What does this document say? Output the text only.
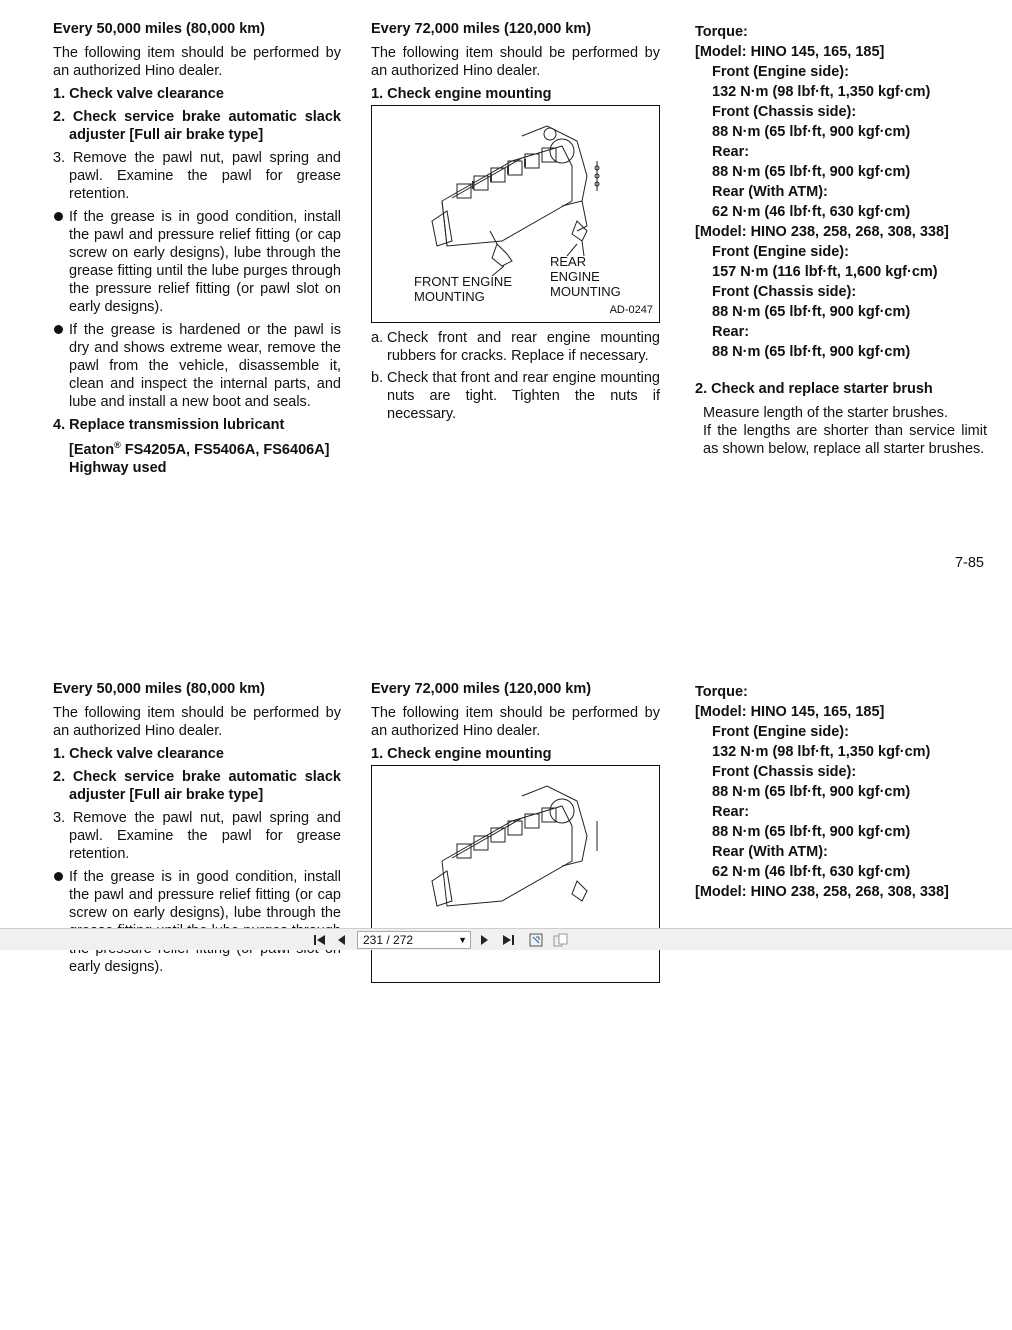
Every 50,000 miles (80,000 km)

The following item should be performed by an authorized Hino dealer.

1. Check valve clearance
2. Check service brake automatic slack adjuster [Full air brake type]
3. Remove the pawl nut, pawl spring and pawl. Examine the pawl for grease retention.
If the grease is in good condition, install the pawl and pressure relief fitting (or cap screw on early designs), lube through the grease fitting until the lube purges through the pressure relief fitting (or pawl slot on early designs).
If the grease is hardened or the pawl is dry and shows extreme wear, remove the pawl from the vehicle, disassemble it, clean and inspect the internal parts, and lube and install a new boot and seals.
4. Replace transmission lubricant
[Eaton® FS4205A, FS5406A, FS6406A]
Highway used
Every 72,000 miles (120,000 km)

The following item should be performed by an authorized Hino dealer.

1. Check engine mounting
FRONT ENGINE
MOUNTING
REAR
ENGINE
MOUNTING
AD-0247
a. Check front and rear engine mounting rubbers for cracks. Replace if necessary.
b. Check that front and rear engine mounting nuts are tight. Tighten the nuts if necessary.
Torque:
[Model: HINO 145, 165, 185]
Front (Engine side):
132 N·m (98 lbf·ft, 1,350 kgf·cm)
Front (Chassis side):
88 N·m (65 lbf·ft, 900 kgf·cm)
Rear:
88 N·m (65 lbf·ft, 900 kgf·cm)
Rear (With ATM):
62 N·m (46 lbf·ft, 630 kgf·cm)
[Model: HINO 238, 258, 268, 308, 338]
Front (Engine side):
157 N·m (116 lbf·ft, 1,600 kgf·cm)
Front (Chassis side):
88 N·m (65 lbf·ft, 900 kgf·cm)
Rear:
88 N·m (65 lbf·ft, 900 kgf·cm)
2. Check and replace starter brush
Measure length of the starter brushes.
If the lengths are shorter than service limit as shown below, replace all starter brushes.
7-85
Every 50,000 miles (80,000 km)

The following item should be performed by an authorized Hino dealer.

1. Check valve clearance
2. Check service brake automatic slack adjuster [Full air brake type]
3. Remove the pawl nut, pawl spring and pawl. Examine the pawl for grease retention.
If the grease is in good condition, install the pawl and pressure relief fitting (or cap screw on early designs), lube through the early designs).
Every 72,000 miles (120,000 km)

The following item should be performed by an authorized Hino dealer.

1. Check engine mounting
Torque:
[Model: HINO 145, 165, 185]
Front (Engine side):
132 N·m (98 lbf·ft, 1,350 kgf·cm)
Front (Chassis side):
88 N·m (65 lbf·ft, 900 kgf·cm)
Rear:
88 N·m (65 lbf·ft, 900 kgf·cm)
Rear (With ATM):
62 N·m (46 lbf·ft, 630 kgf·cm)
[Model: HINO 238, 258, 268, 308, 338]
231 / 272	▼
